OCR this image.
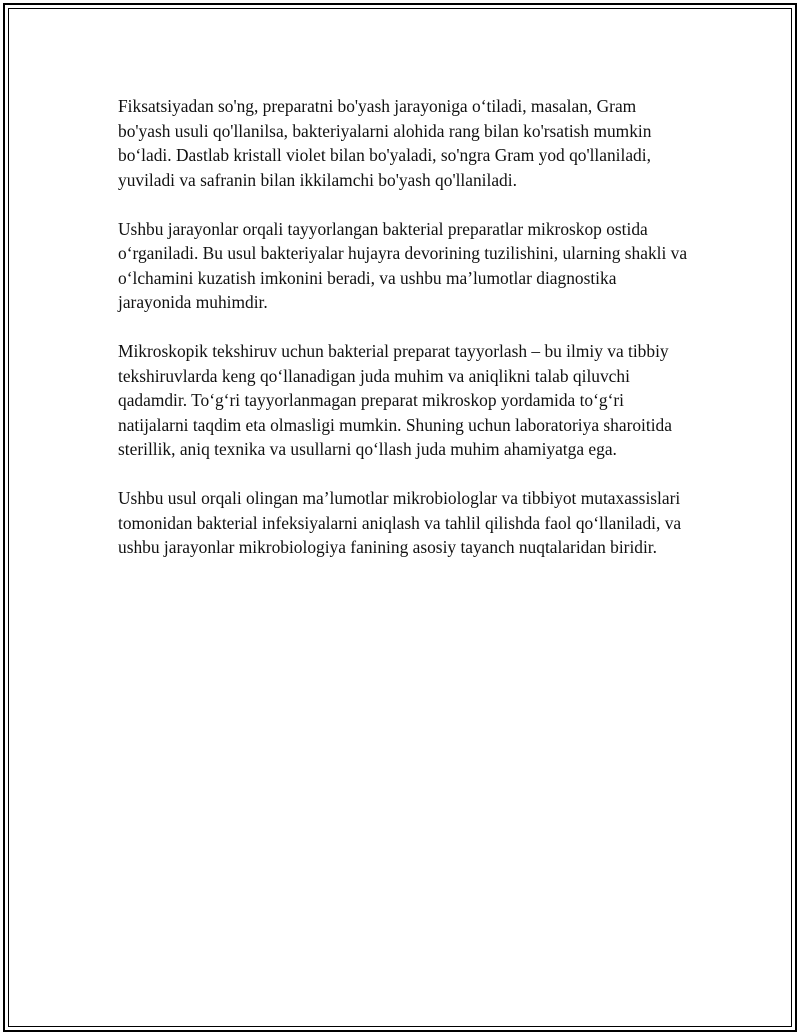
Fiksatsiyadan so'ng, preparatni bo'yash jarayoniga o‘tiladi, masalan, Gram bo'yash usuli qo'llanilsa, bakteriyalarni alohida rang bilan ko'rsatish mumkin bo‘ladi. Dastlab kristall violet bilan bo'yaladi, so'ngra Gram yod qo'llaniladi, yuviladi va safranin bilan ikkilamchi bo'yash qo'llaniladi.

Ushbu jarayonlar orqali tayyorlangan bakterial preparatlar mikroskop ostida o‘rganiladi. Bu usul bakteriyalar hujayra devorining tuzilishini, ularning shakli va o‘lchamini kuzatish imkonini beradi, va ushbu ma’lumotlar diagnostika jarayonida muhimdir.

Mikroskopik tekshiruv uchun bakterial preparat tayyorlash – bu ilmiy va tibbiy tekshiruvlarda keng qo‘llanadigan juda muhim va aniqlikni talab qiluvchi qadamdir. To‘g‘ri tayyorlanmagan preparat mikroskop yordamida to‘g‘ri natijalarni taqdim eta olmasligi mumkin. Shuning uchun laboratoriya sharoitida sterillik, aniq texnika va usullarni qo‘llash juda muhim ahamiyatga ega.

Ushbu usul orqali olingan ma’lumotlar mikrobiologlar va tibbiyot mutaxassislari tomonidan bakterial infeksiyalarni aniqlash va tahlil qilishda faol qo‘llaniladi, va ushbu jarayonlar mikrobiologiya fanining asosiy tayanch nuqtalaridan biridir.
